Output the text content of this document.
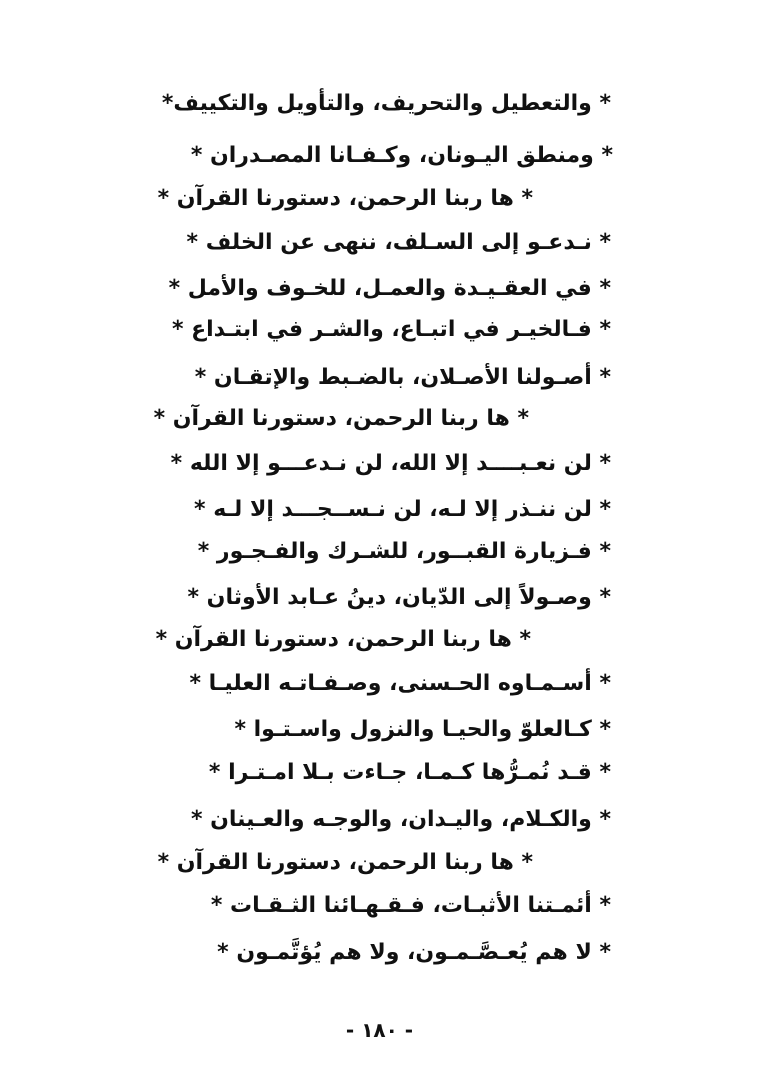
* والتعطيل والتحريف، والتأويل والتكييف*
* ومنطق اليـونان، وكـفـانا المصـدران *
* ها ربنا الرحمن، دستورنا القرآن *
* نـدعـو إلى السـلف، ننهى عن الخلف *
* في العقـيـدة والعمـل، للخـوف والأمل *
* فـالخيـر في اتبـاع، والشـر في ابتـداع *
* أصـولنا الأصـلان، بالضـبط والإتقـان *
* ها ربنا الرحمن، دستورنا القرآن *
* لن نعـبــــد إلا الله، لن نـدعـــو إلا الله *
* لن ننـذر إلا لـه، لن نـســجـــد إلا لـه *
* فـزيارة القبــور، للشـرك والفـجـور *
* وصـولاً إلى الدّيان، دينُ عـابد الأوثان *
* ها ربنا الرحمن، دستورنا القرآن *
* أسـمـاوه الحـسنى، وصـفـاتـه العليـا *
* كـالعلوّ والحيـا والنزول واسـتـوا *
* قـد نُمـرُّها كـمـا، جـاءت بـلا امـتـرا *
* والكـلام، واليـدان، والوجـه والعـينان *
* ها ربنا الرحمن، دستورنا القرآن *
* أئمـتنا الأثبـات، فـقـهـائنا الثـقـات *
* لا هم يُعـصَّـمـون، ولا هم يُؤتَّمـون *
- ١٨٠ -
